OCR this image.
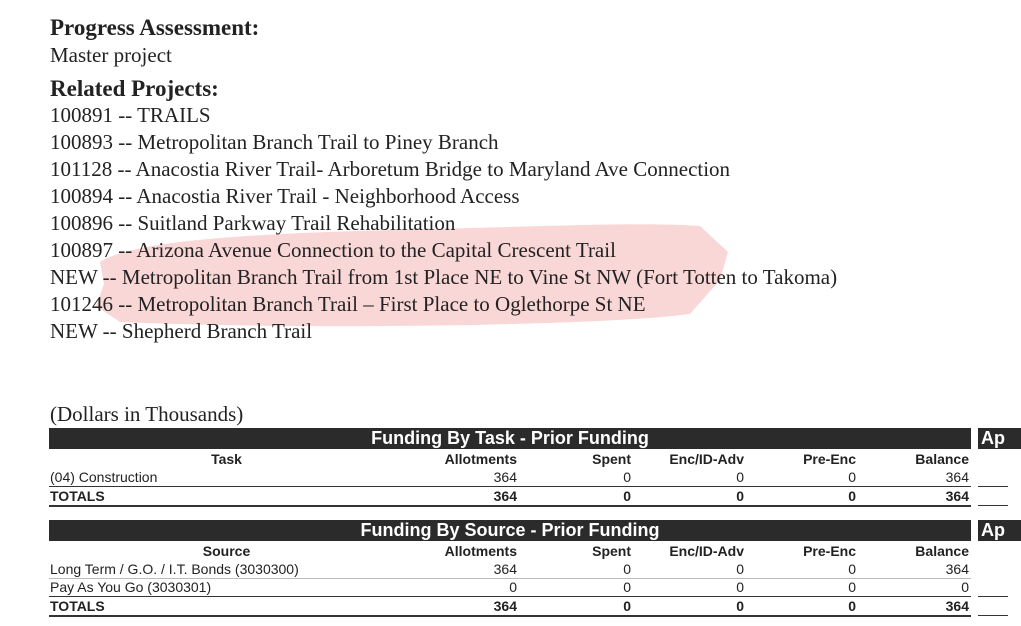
Progress Assessment:
Master project
Related Projects:
100891 -- TRAILS
100893 -- Metropolitan Branch Trail to Piney Branch
101128 -- Anacostia River Trail- Arboretum Bridge to Maryland Ave Connection
100894 -- Anacostia River Trail - Neighborhood Access
100896 -- Suitland Parkway Trail Rehabilitation
100897 -- Arizona Avenue Connection to the Capital Crescent Trail
NEW -- Metropolitan Branch Trail from 1st Place NE to Vine St NW (Fort Totten to Takoma)
101246 -- Metropolitan Branch Trail – First Place to Oglethorpe St NE
NEW -- Shepherd Branch Trail
(Dollars in Thousands)
Funding By Task - Prior Funding	Ap
Task	Allotments	Spent	Enc/ID-Adv	Pre-Enc	Balance
(04) Construction	364	0	0	0	364
TOTALS	364	0	0	0	364
Funding By Source - Prior Funding	Ap
Source	Allotments	Spent	Enc/ID-Adv	Pre-Enc	Balance
Long Term / G.O. / I.T. Bonds (3030300)	364	0	0	0	364
Pay As You Go (3030301)	0	0	0	0	0
TOTALS	364	0	0	0	364
